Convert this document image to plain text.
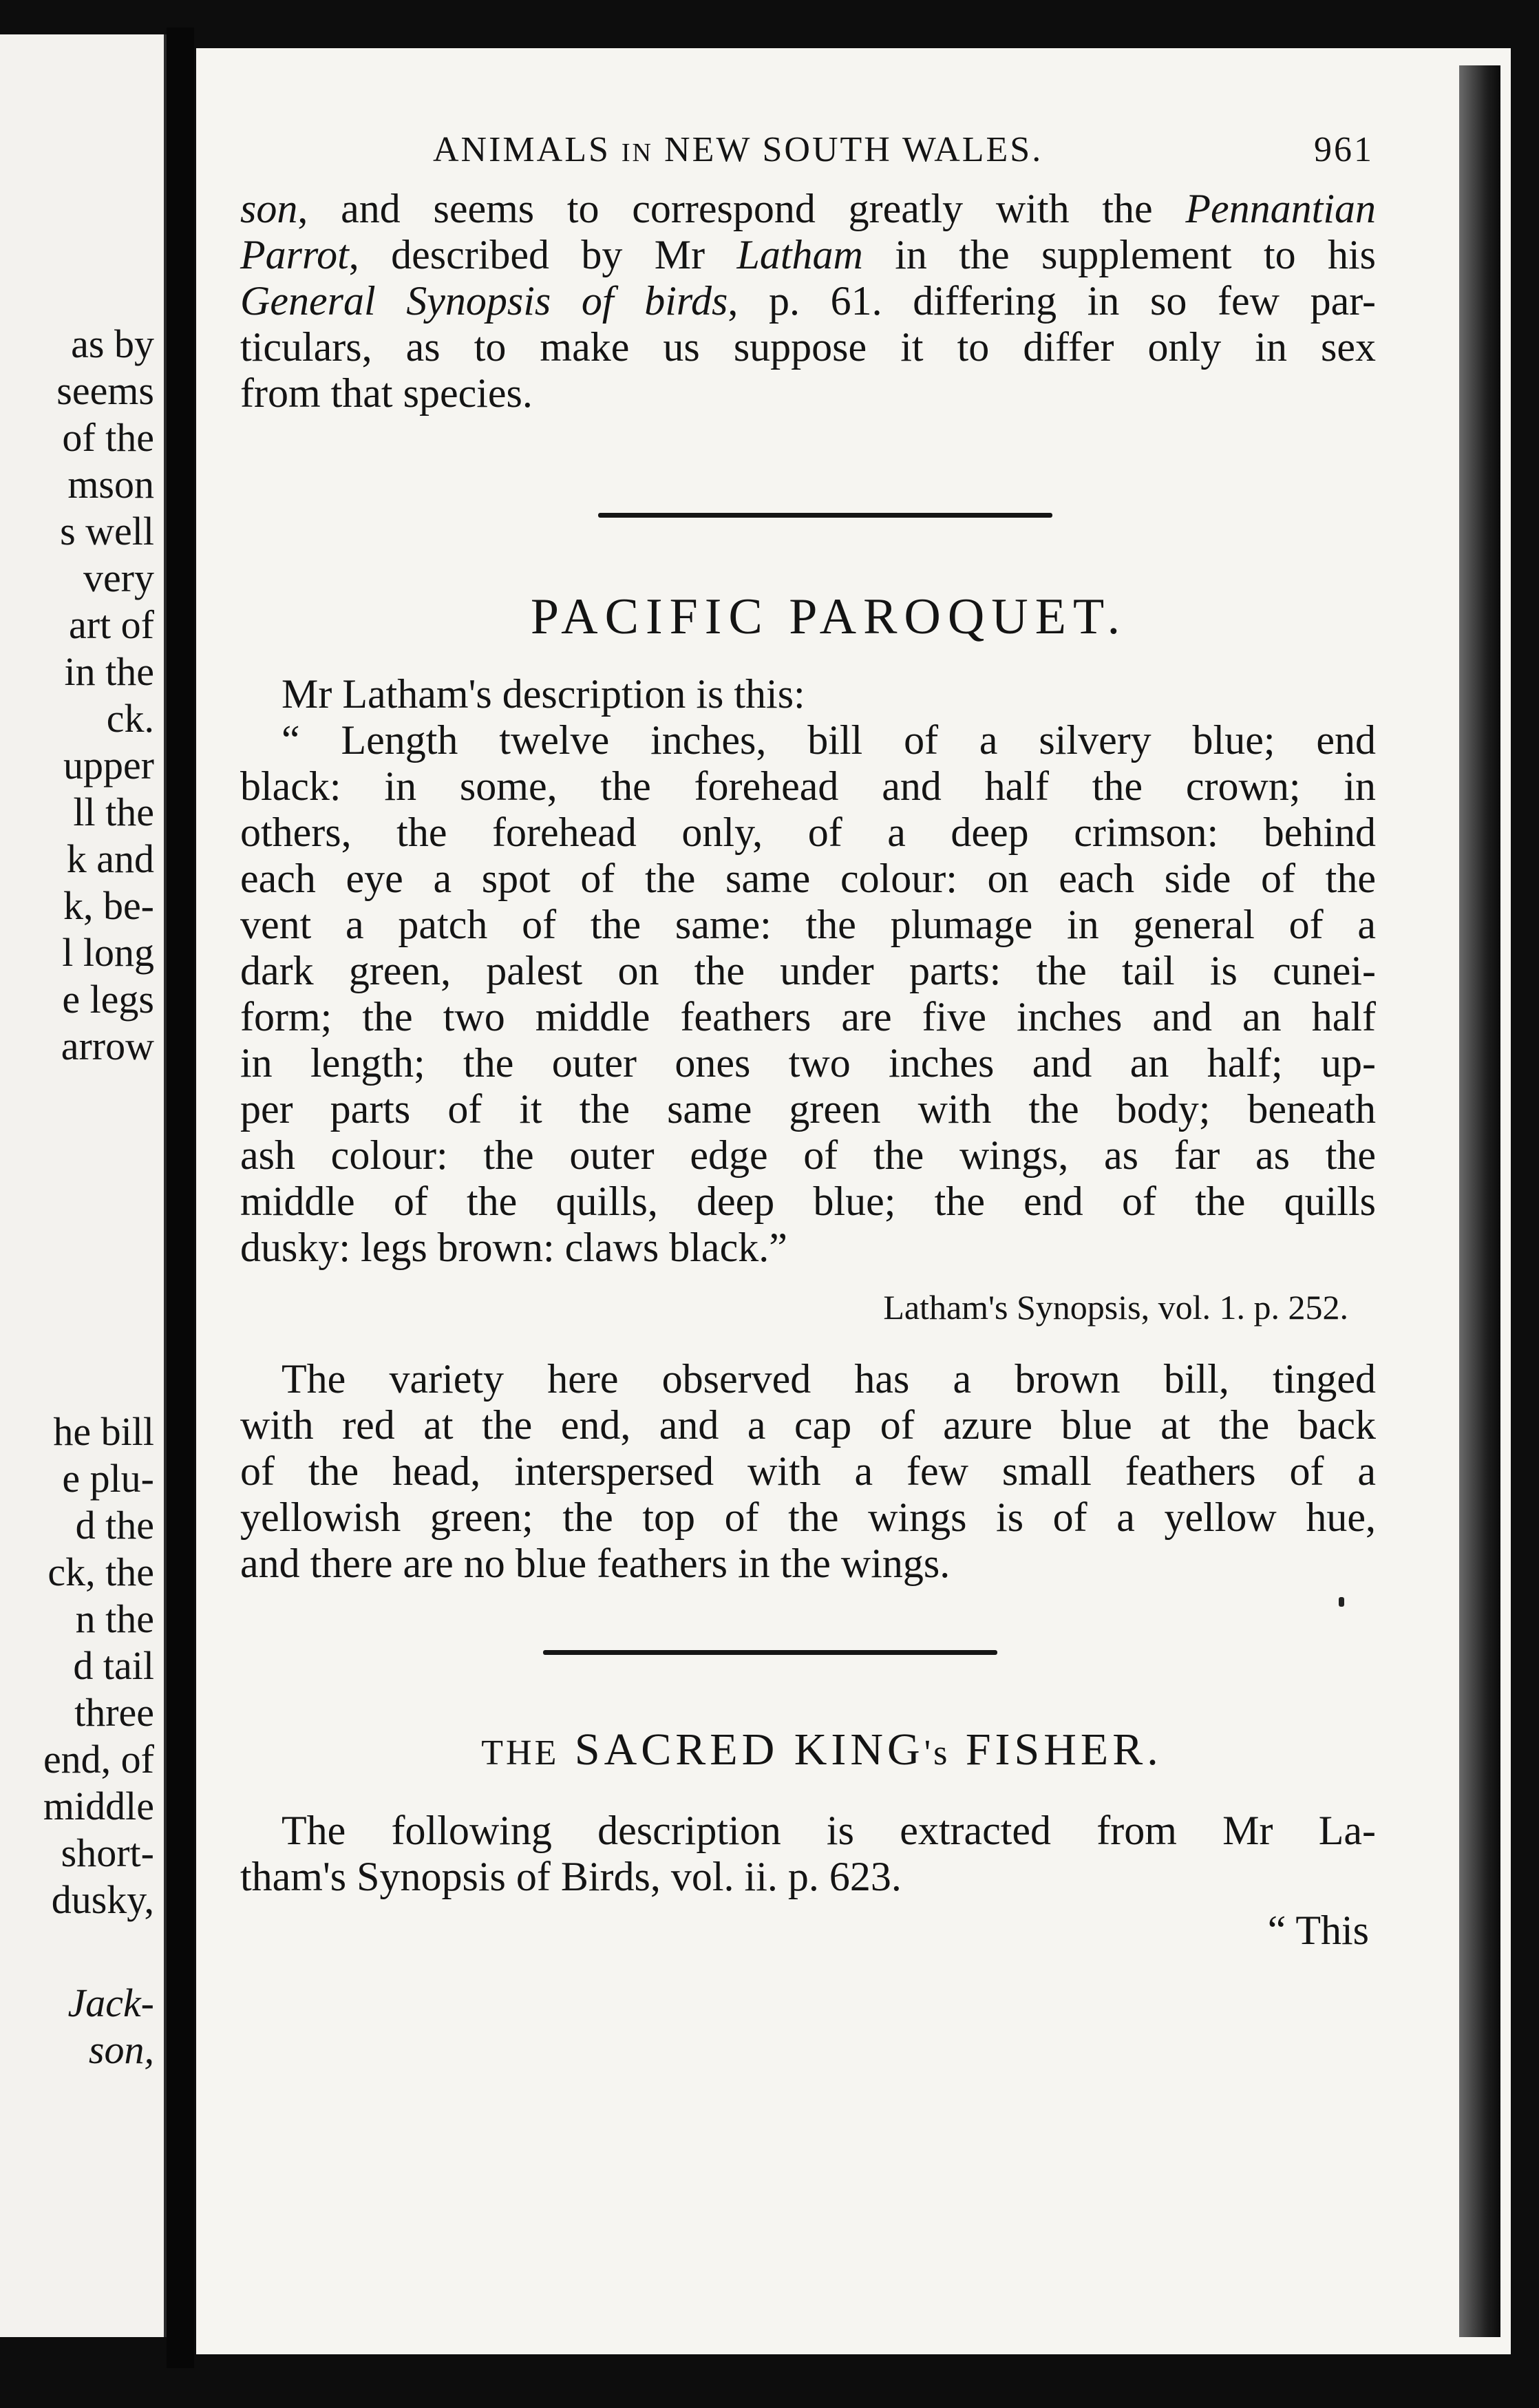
as by
seems
of the
mson
s well
very
art of
in the
ck.
upper
ll the
k and
k, be-
l long
e legs
arrow
he bill
e plu-
d the
ck, the
n the
d tail
three
end, of
middle
short-
dusky,
Jack-
son,
ANIMALS IN NEW SOUTH WALES.	961

son, and seems to correspond greatly with the Pennantian
Parrot, described by Mr Latham in the supplement to his
General Synopsis of birds, p. 61. differing in so few par-
ticulars, as to make us suppose it to differ only in sex
from that species.

PACIFIC PAROQUET.

Mr Latham's description is this:
“ Length twelve inches, bill of a silvery blue; end
black: in some, the forehead and half the crown; in
others, the forehead only, of a deep crimson: behind
each eye a spot of the same colour: on each side of the
vent a patch of the same: the plumage in general of a
dark green, palest on the under parts: the tail is cunei-
form; the two middle feathers are five inches and an half
in length; the outer ones two inches and an half; up-
per parts of it the same green with the body; beneath
ash colour: the outer edge of the wings, as far as the
middle of the quills, deep blue; the end of the quills
dusky: legs brown: claws black.”

Latham's Synopsis, vol. 1. p. 252.

The variety here observed has a brown bill, tinged
with red at the end, and a cap of azure blue at the back
of the head, interspersed with a few small feathers of a
yellowish green; the top of the wings is of a yellow hue,
and there are no blue feathers in the wings.

THE SACRED KING's FISHER.

The following description is extracted from Mr La-
tham's Synopsis of Birds, vol. ii. p. 623.

“ This
